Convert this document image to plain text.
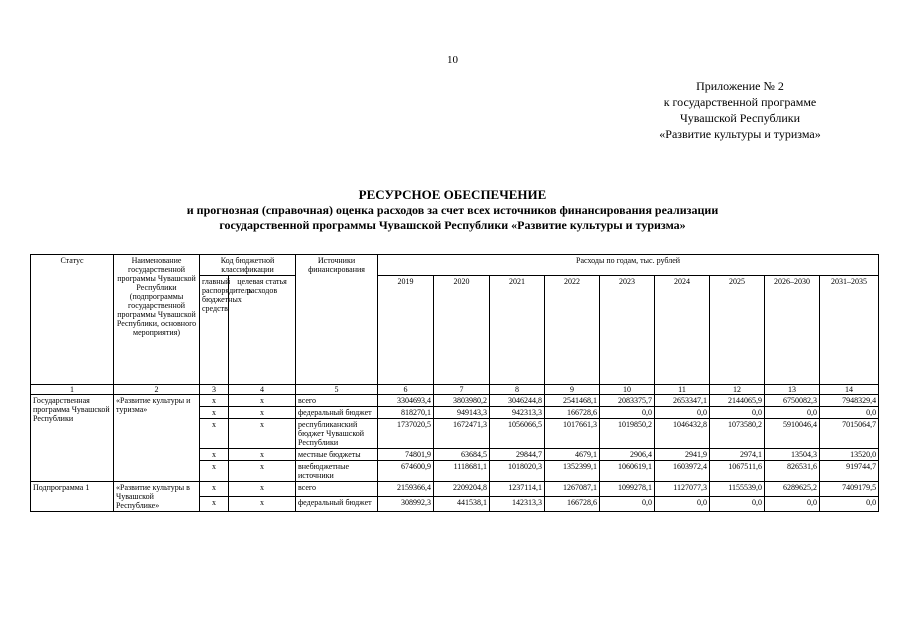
10
Приложение № 2
к государственной программе
Чувашской Республики
«Развитие культуры и туризма»
РЕСУРСНОЕ ОБЕСПЕЧЕНИЕ
и прогнозная (справочная) оценка расходов за счет всех источников финансирования реализации
государственной программы Чувашской Республики «Развитие культуры и туризма»
Статус	Наименование государственной программы Чувашской Республики (подпрограммы государственной программы Чувашской Республики, основного мероприятия)	Код бюджетной классификации		Источники финансирования	Расходы по годам, тыс. рублей								
		главный распорядитель бюджетных средств	целевая статья расходов		2019	2020	2021	2022	2023	2024	2025	2026–2030	2031–2035
1	2	3	4	5	6	7	8	9	10	11	12	13	14
Государственная программа Чувашской Республики	«Развитие культуры и туризма»	x	x	всего	3304693,4	3803980,2	3046244,8	2541468,1	2083375,7	2653347,1	2144065,9	6750082,3	7948329,4
		x	x	федеральный бюджет	818270,1	949143,3	942313,3	166728,6	0,0	0,0	0,0	0,0	0,0
		x	x	республиканский бюджет Чувашской Республики	1737020,5	1672471,3	1056066,5	1017661,3	1019850,2	1046432,8	1073580,2	5910046,4	7015064,7
		x	x	местные бюджеты	74801,9	63684,5	29844,7	4679,1	2906,4	2941,9	2974,1	13504,3	13520,0
		x	x	внебюджетные источники	674600,9	1118681,1	1018020,3	1352399,1	1060619,1	1603972,4	1067511,6	826531,6	919744,7
Подпрограмма 1	«Развитие культуры в Чувашской Республике»	x	x	всего	2159366,4	2209204,8	1237114,1	1267087,1	1099278,1	1127077,3	1155539,0	6289625,2	7409179,5
		x	x	федеральный бюджет	308992,3	441538,1	142313,3	166728,6	0,0	0,0	0,0	0,0	0,0
